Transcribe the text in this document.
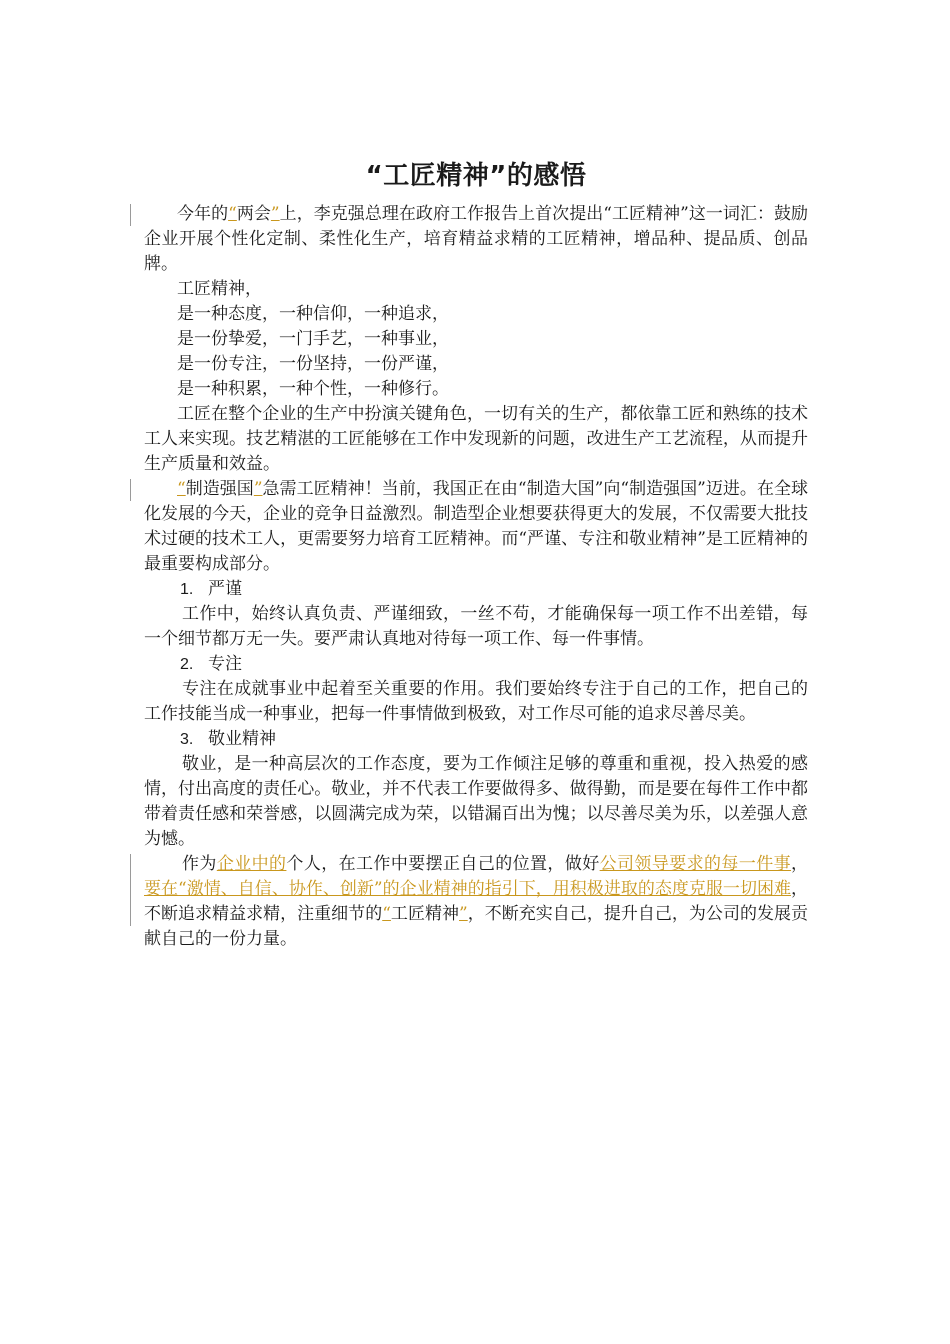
“工匠精神”的感悟

今年的“两会”上，李克强总理在政府工作报告上首次提出“工匠精神”这一词汇：鼓励企业开展个性化定制、柔性化生产，培育精益求精的工匠精神，增品种、提品质、创品牌。

工匠精神，

是一种态度，一种信仰，一种追求，

是一份挚爱，一门手艺，一种事业，

是一份专注，一份坚持，一份严谨，

是一种积累，一种个性，一种修行。

工匠在整个企业的生产中扮演关键角色，一切有关的生产，都依靠工匠和熟练的技术工人来实现。技艺精湛的工匠能够在工作中发现新的问题，改进生产工艺流程，从而提升生产质量和效益。

“制造强国”急需工匠精神！当前，我国正在由“制造大国”向“制造强国”迈进。在全球化发展的今天，企业的竞争日益激烈。制造型企业想要获得更大的发展，不仅需要大批技术过硬的技术工人，更需要努力培育工匠精神。而“严谨、专注和敬业精神”是工匠精神的最重要构成部分。

1. 严谨

工作中，始终认真负责、严谨细致，一丝不苟，才能确保每一项工作不出差错，每一个细节都万无一失。要严肃认真地对待每一项工作、每一件事情。

2. 专注

专注在成就事业中起着至关重要的作用。我们要始终专注于自己的工作，把自己的工作技能当成一种事业，把每一件事情做到极致，对工作尽可能的追求尽善尽美。

3. 敬业精神

敬业，是一种高层次的工作态度，要为工作倾注足够的尊重和重视，投入热爱的感情，付出高度的责任心。敬业，并不代表工作要做得多、做得勤，而是要在每件工作中都带着责任感和荣誉感，以圆满完成为荣，以错漏百出为愧；以尽善尽美为乐，以差强人意为憾。

作为企业中的个人，在工作中要摆正自己的位置，做好公司领导要求的每一件事，要在“激情、自信、协作、创新”的企业精神的指引下，用积极进取的态度克服一切困难，不断追求精益求精，注重细节的“工匠精神”，不断充实自己，提升自己，为公司的发展贡献自己的一份力量。
